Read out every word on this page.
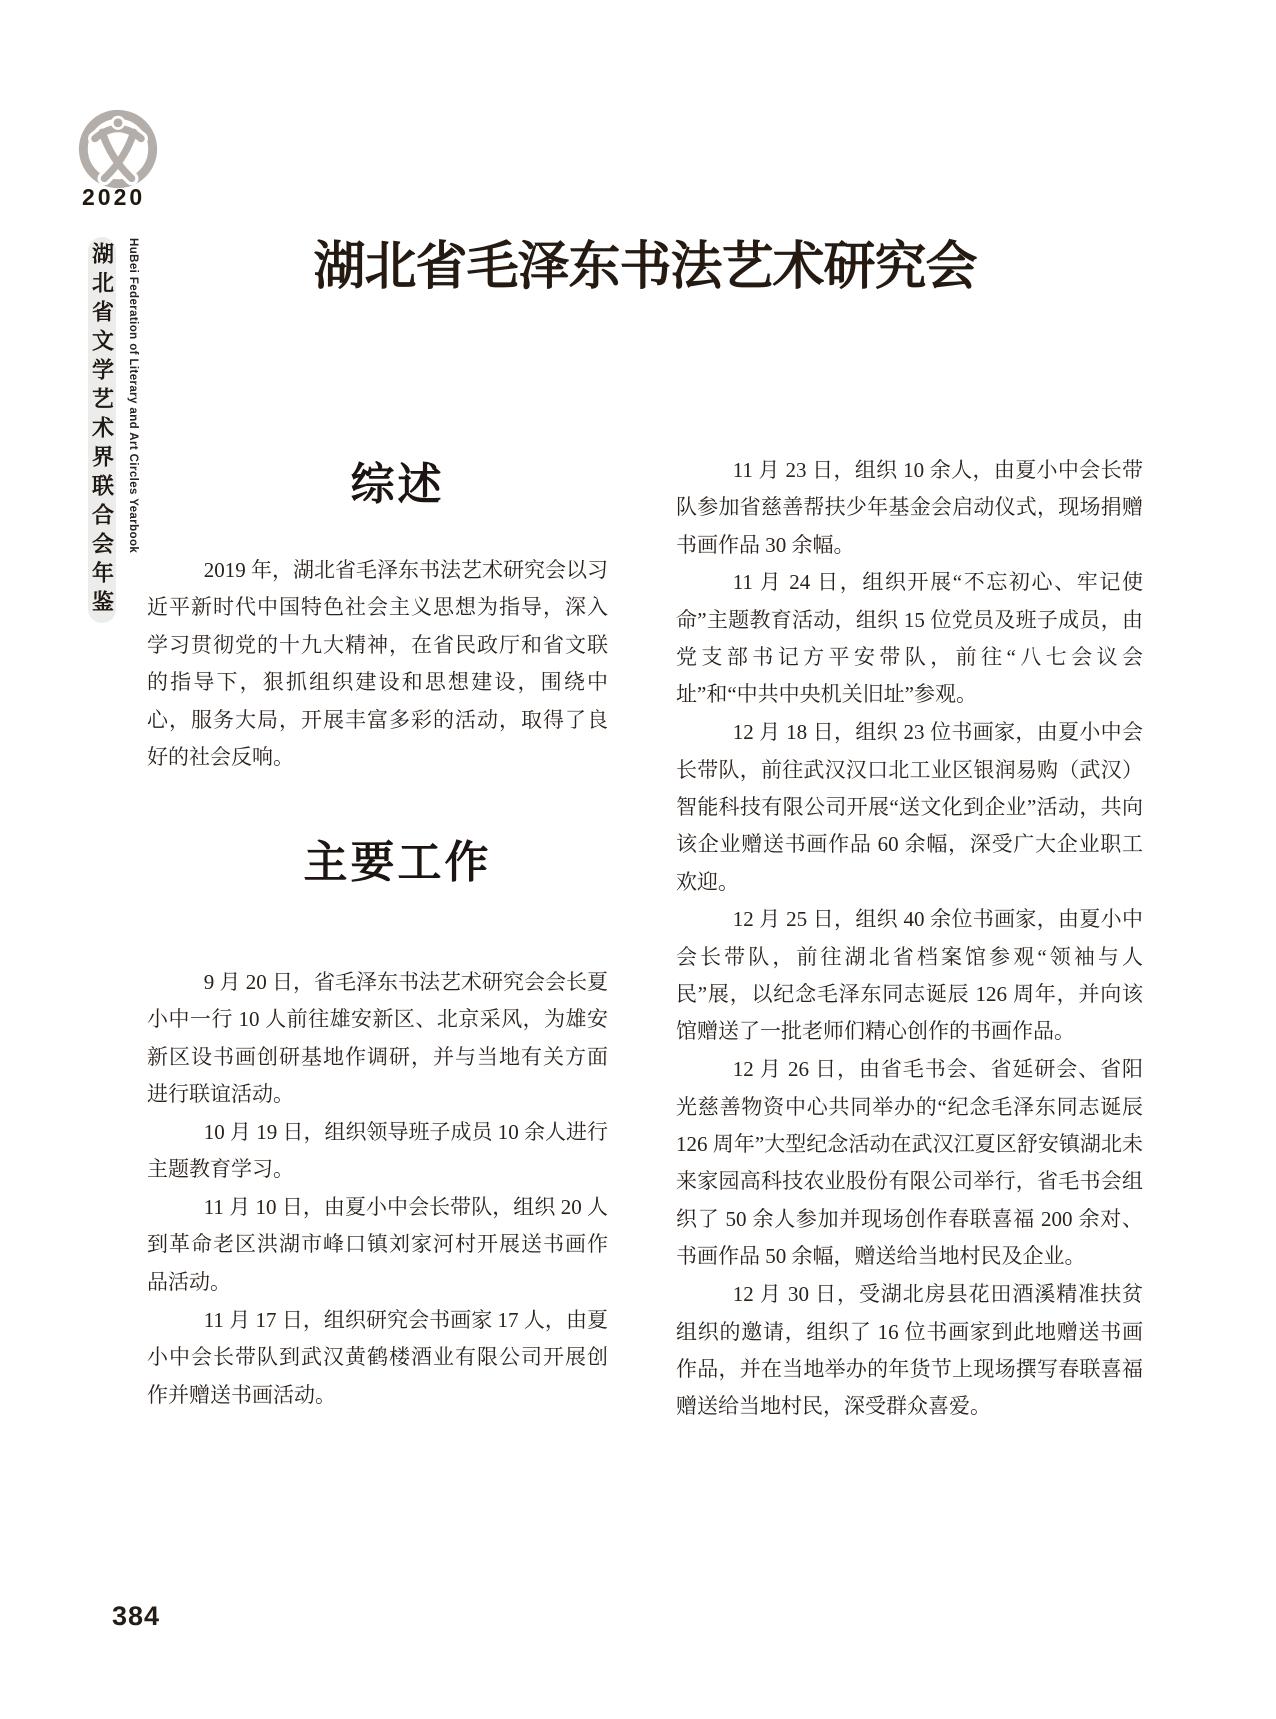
2020
湖北省文学艺术界联合会年鉴 HuBei Federation of Literary and Art Circles Yearbook	湖北省毛泽东书法艺术研究会
综述

2019 年，湖北省毛泽东书法艺术研究会以习近平新时代中国特色社会主义思想为指导，深入学习贯彻党的十九大精神，在省民政厅和省文联的指导下，狠抓组织建设和思想建设，围绕中心，服务大局，开展丰富多彩的活动，取得了良好的社会反响。

主要工作

9 月 20 日，省毛泽东书法艺术研究会会长夏小中一行 10 人前往雄安新区、北京采风，为雄安新区设书画创研基地作调研，并与当地有关方面进行联谊活动。

10 月 19 日，组织领导班子成员 10 余人进行主题教育学习。

11 月 10 日，由夏小中会长带队，组织 20 人到革命老区洪湖市峰口镇刘家河村开展送书画作品活动。

11 月 17 日，组织研究会书画家 17 人，由夏小中会长带队到武汉黄鹤楼酒业有限公司开展创作并赠送书画活动。

11 月 23 日，组织 10 余人，由夏小中会长带队参加省慈善帮扶少年基金会启动仪式，现场捐赠书画作品 30 余幅。

11 月 24 日，组织开展“不忘初心、牢记使命”主题教育活动，组织 15 位党员及班子成员，由党支部书记方平安带队，前往“八七会议会址”和“中共中央机关旧址”参观。

12 月 18 日，组织 23 位书画家，由夏小中会长带队，前往武汉汉口北工业区银润易购（武汉）智能科技有限公司开展“送文化到企业”活动，共向该企业赠送书画作品 60 余幅，深受广大企业职工欢迎。

12 月 25 日，组织 40 余位书画家，由夏小中会长带队，前往湖北省档案馆参观“领袖与人民”展，以纪念毛泽东同志诞辰 126 周年，并向该馆赠送了一批老师们精心创作的书画作品。

12 月 26 日，由省毛书会、省延研会、省阳光慈善物资中心共同举办的“纪念毛泽东同志诞辰 126 周年”大型纪念活动在武汉江夏区舒安镇湖北未来家园高科技农业股份有限公司举行，省毛书会组织了 50 余人参加并现场创作春联喜福 200 余对、书画作品 50 余幅，赠送给当地村民及企业。

12 月 30 日，受湖北房县花田酒溪精准扶贫组织的邀请，组织了 16 位书画家到此地赠送书画作品，并在当地举办的年货节上现场撰写春联喜福赠送给当地村民，深受群众喜爱。

384
